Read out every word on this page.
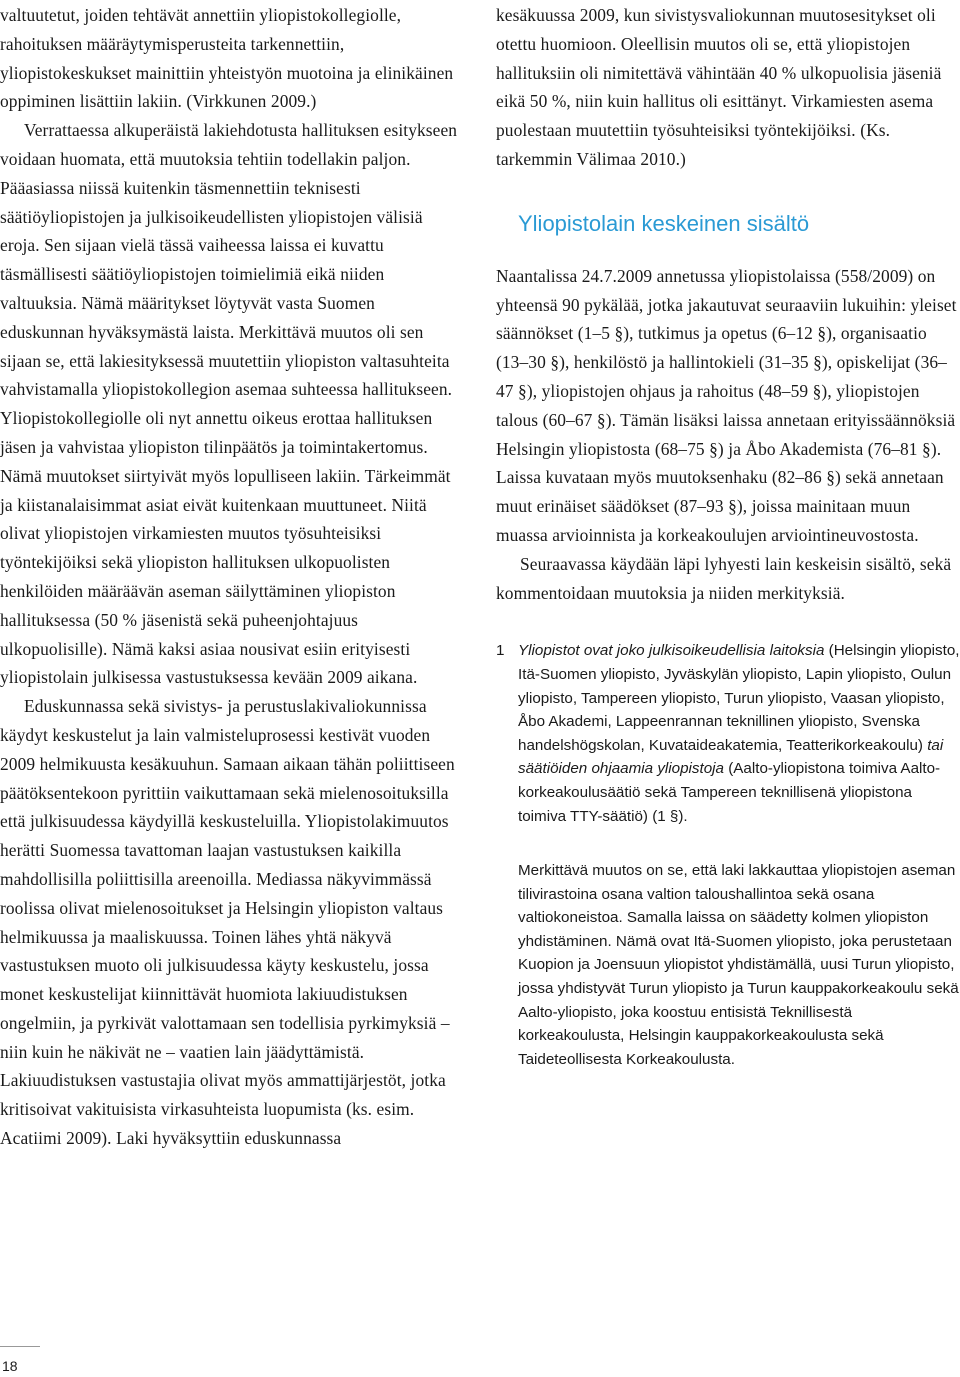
valtuutetut, joiden tehtävät annettiin yliopistokollegiolle, rahoituksen määräytymisperusteita tarkennettiin, yliopistokeskukset mainittiin yhteistyön muotoina ja elinikäinen oppiminen lisättiin lakiin. (Virkkunen 2009.)

Verrattaessa alkuperäistä lakiehdotusta hallituksen esitykseen voidaan huomata, että muutoksia tehtiin todellakin paljon. Pääasiassa niissä kuitenkin täsmennettiin teknisesti säätiöyliopistojen ja julkisoikeudellisten yliopistojen välisiä eroja. Sen sijaan vielä tässä vaiheessa laissa ei kuvattu täsmällisesti säätiöyliopistojen toimielimiä eikä niiden valtuuksia. Nämä määritykset löytyvät vasta Suomen eduskunnan hyväksymästä laista. Merkittävä muutos oli sen sijaan se, että lakiesityksessä muutettiin yliopiston valtasuhteita vahvistamalla yliopistokollegion asemaa suhteessa hallitukseen. Yliopistokollegiolle oli nyt annettu oikeus erottaa hallituksen jäsen ja vahvistaa yliopiston tilinpäätös ja toimintakertomus. Nämä muutokset siirtyivät myös lopulliseen lakiin. Tärkeimmät ja kiistanalaisimmat asiat eivät kuitenkaan muuttuneet. Niitä olivat yliopistojen virkamiesten muutos työsuhteisiksi työntekijöiksi sekä yliopiston hallituksen ulkopuolisten henkilöiden määräävän aseman säilyttäminen yliopiston hallituksessa (50 % jäsenistä sekä puheenjohtajuus ulkopuolisille). Nämä kaksi asiaa nousivat esiin erityisesti yliopistolain julkisessa vastustuksessa kevään 2009 aikana.

Eduskunnassa sekä sivistys- ja perustuslakivaliokunnissa käydyt keskustelut ja lain valmisteluprosessi kestivät vuoden 2009 helmikuusta kesäkuuhun. Samaan aikaan tähän poliittiseen päätöksentekoon pyrittiin vaikuttamaan sekä mielenosoituksilla että julkisuudessa käydyillä keskusteluilla. Yliopistolakimuutos herätti Suomessa tavattoman laajan vastustuksen kaikilla mahdollisilla poliittisilla areenoilla. Mediassa näkyvimmässä roolissa olivat mielenosoitukset ja Helsingin yliopiston valtaus helmikuussa ja maaliskuussa. Toinen lähes yhtä näkyvä vastustuksen muoto oli julkisuudessa käyty keskustelu, jossa monet keskustelijat kiinnittävät huomiota lakiuudistuksen ongelmiin, ja pyrkivät valottamaan sen todellisia pyrkimyksiä – niin kuin he näkivät ne – vaatien lain jäädyttämistä. Lakiuudistuksen vastustajia olivat myös ammattijärjestöt, jotka kritisoivat vakituisista virkasuhteista luopumista (ks. esim. Acatiimi 2009). Laki hyväksyttiin eduskunnassa

kesäkuussa 2009, kun sivistysvaliokunnan muutosesitykset oli otettu huomioon. Oleellisin muutos oli se, että yliopistojen hallituksiin oli nimitettävä vähintään 40 % ulkopuolisia jäseniä eikä 50 %, niin kuin hallitus oli esittänyt. Virkamiesten asema puolestaan muutettiin työsuhteisiksi työntekijöiksi. (Ks. tarkemmin Välimaa 2010.)

Yliopistolain keskeinen sisältö

Naantalissa 24.7.2009 annetussa yliopistolaissa (558/2009) on yhteensä 90 pykälää, jotka jakautuvat seuraaviin lukuihin: yleiset säännökset (1–5 §), tutkimus ja opetus (6–12 §), organisaatio (13–30 §), henkilöstö ja hallintokieli (31–35 §), opiskelijat (36–47 §), yliopistojen ohjaus ja rahoitus (48–59 §), yliopistojen talous (60–67 §). Tämän lisäksi laissa annetaan erityissäännöksiä Helsingin yliopistosta (68–75 §) ja Åbo Akademista (76–81 §). Laissa kuvataan myös muutoksenhaku (82–86 §) sekä annetaan muut erinäiset säädökset (87–93 §), joissa mainitaan muun muassa arvioinnista ja korkeakoulujen arviointineuvostosta.

Seuraavassa käydään läpi lyhyesti lain keskeisin sisältö, sekä kommentoidaan muutoksia ja niiden merkityksiä.

1 Yliopistot ovat joko julkisoikeudellisia laitoksia (Helsingin yliopisto, Itä-Suomen yliopisto, Jyväskylän yliopisto, Lapin yliopisto, Oulun yliopisto, Tampereen yliopisto, Turun yliopisto, Vaasan yliopisto, Åbo Akademi, Lappeenrannan teknillinen yliopisto, Svenska handelshögskolan, Kuvataideakatemia, Teatterikorkeakoulu) tai säätiöiden ohjaamia yliopistoja (Aalto-yliopistona toimiva Aalto-korkeakoulusäätiö sekä Tampereen teknillisenä yliopistona toimiva TTY-säätiö) (1 §).
Merkittävä muutos on se, että laki lakkauttaa yliopistojen aseman tilivirastoina osana valtion taloushallintoa sekä osana valtiokoneistoa. Samalla laissa on säädetty kolmen yliopiston yhdistäminen. Nämä ovat Itä-Suomen yliopisto, joka perustetaan Kuopion ja Joensuun yliopistot yhdistämällä, uusi Turun yliopisto, jossa yhdistyvät Turun yliopisto ja Turun kauppakorkeakoulu sekä Aalto-yliopisto, joka koostuu entisistä Teknillisestä korkeakoulusta, Helsingin kauppakorkeakoulusta sekä Taideteollisesta Korkeakoulusta.
18
